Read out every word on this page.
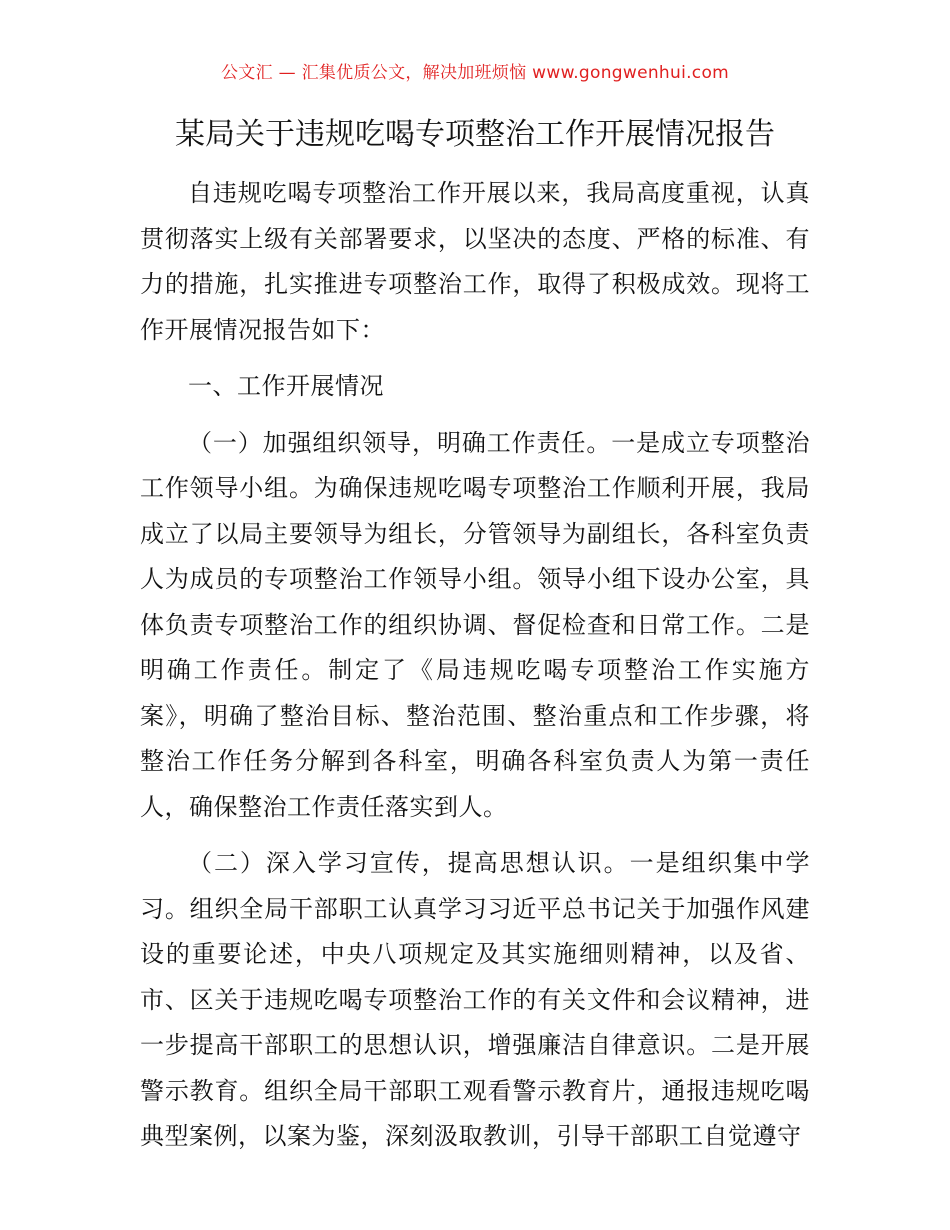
公文汇 — 汇集优质公文，解决加班烦恼 www.gongwenhui.com
某局关于违规吃喝专项整治工作开展情况报告

自违规吃喝专项整治工作开展以来，我局高度重视，认真贯彻落实上级有关部署要求，以坚决的态度、严格的标准、有力的措施，扎实推进专项整治工作，取得了积极成效。现将工作开展情况报告如下：

一、工作开展情况

（一）加强组织领导，明确工作责任。一是成立专项整治工作领导小组。为确保违规吃喝专项整治工作顺利开展，我局成立了以局主要领导为组长，分管领导为副组长，各科室负责人为成员的专项整治工作领导小组。领导小组下设办公室，具体负责专项整治工作的组织协调、督促检查和日常工作。二是明确工作责任。制定了《局违规吃喝专项整治工作实施方案》，明确了整治目标、整治范围、整治重点和工作步骤，将整治工作任务分解到各科室，明确各科室负责人为第一责任人，确保整治工作责任落实到人。

（二）深入学习宣传，提高思想认识。一是组织集中学习。组织全局干部职工认真学习习近平总书记关于加强作风建设的重要论述，中央八项规定及其实施细则精神，以及省、市、区关于违规吃喝专项整治工作的有关文件和会议精神，进一步提高干部职工的思想认识，增强廉洁自律意识。二是开展警示教育。组织全局干部职工观看警示教育片，通报违规吃喝典型案例，以案为鉴，深刻汲取教训，引导干部职工自觉遵守
